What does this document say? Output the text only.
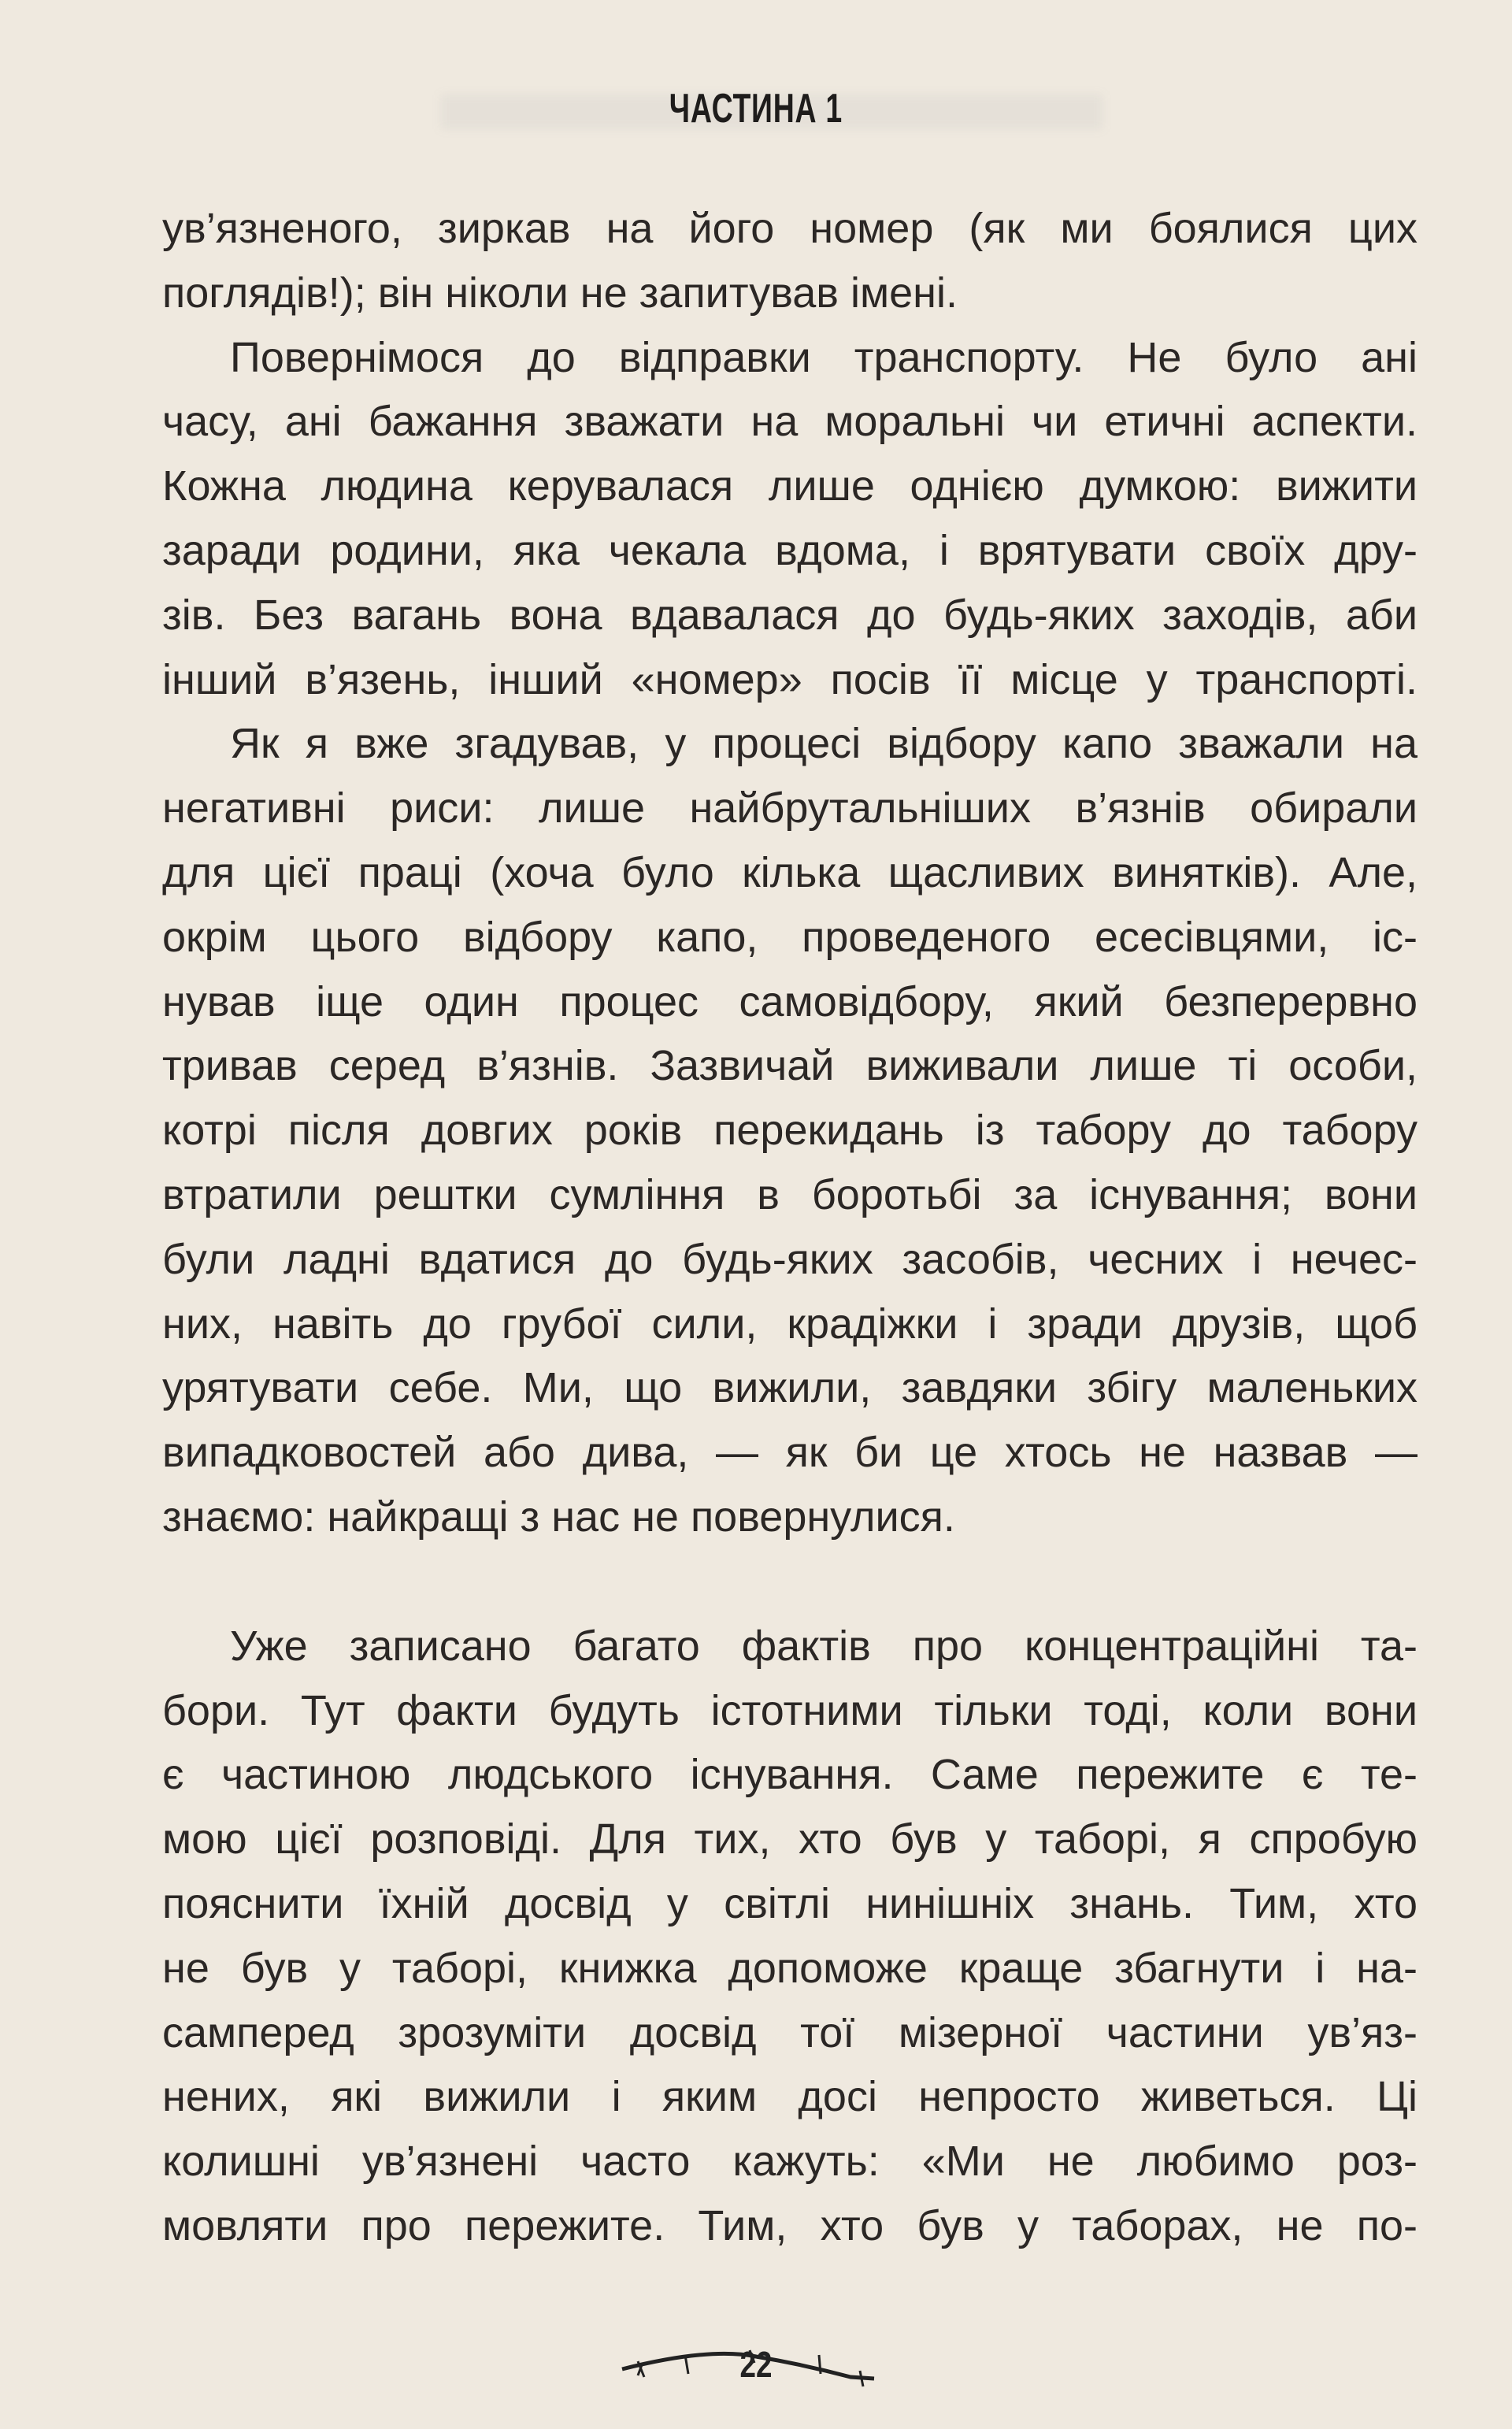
ЧАСТИНА 1
ув’язненого, зиркав на його номер (як ми боялися цих
поглядів!); він ніколи не запитував імені.
Повернімося до відправки транспорту. Не було ані
часу, ані бажання зважати на моральні чи етичні аспекти.
Кожна людина керувалася лише однією думкою: вижити
заради родини, яка чекала вдома, і врятувати своїх дру-
зів. Без вагань вона вдавалася до будь-яких заходів, аби
інший в’язень, інший «номер» посів її місце у транспорті.
Як я вже згадував, у процесі відбору капо зважали на
негативні риси: лише найбрутальніших в’язнів обирали
для цієї праці (хоча було кілька щасливих винятків). Але,
окрім цього відбору капо, проведеного есесівцями, іс-
нував іще один процес самовідбору, який безперервно
тривав серед в’язнів. Зазвичай виживали лише ті особи,
котрі після довгих років перекидань із табору до табору
втратили рештки сумління в боротьбі за існування; вони
були ладні вдатися до будь-яких засобів, чесних і нечес-
них, навіть до грубої сили, крадіжки і зради друзів, щоб
урятувати себе. Ми, що вижили, завдяки збігу маленьких
випадковостей або дива, — як би це хтось не назвав —
знаємо: найкращі з нас не повернулися.
Уже записано багато фактів про концентраційні та-
бори. Тут факти будуть істотними тільки тоді, коли вони
є частиною людського існування. Саме пережите є те-
мою цієї розповіді. Для тих, хто був у таборі, я спробую
пояснити їхній досвід у світлі нинішніх знань. Тим, хто
не був у таборі, книжка допоможе краще збагнути і на-
самперед зрозуміти досвід тої мізерної частини ув’яз-
нених, які вижили і яким досі непросто живеться. Ці
колишні ув’язнені часто кажуть: «Ми не любимо роз-
мовляти про пережите. Тим, хто був у таборах, не по-
22
